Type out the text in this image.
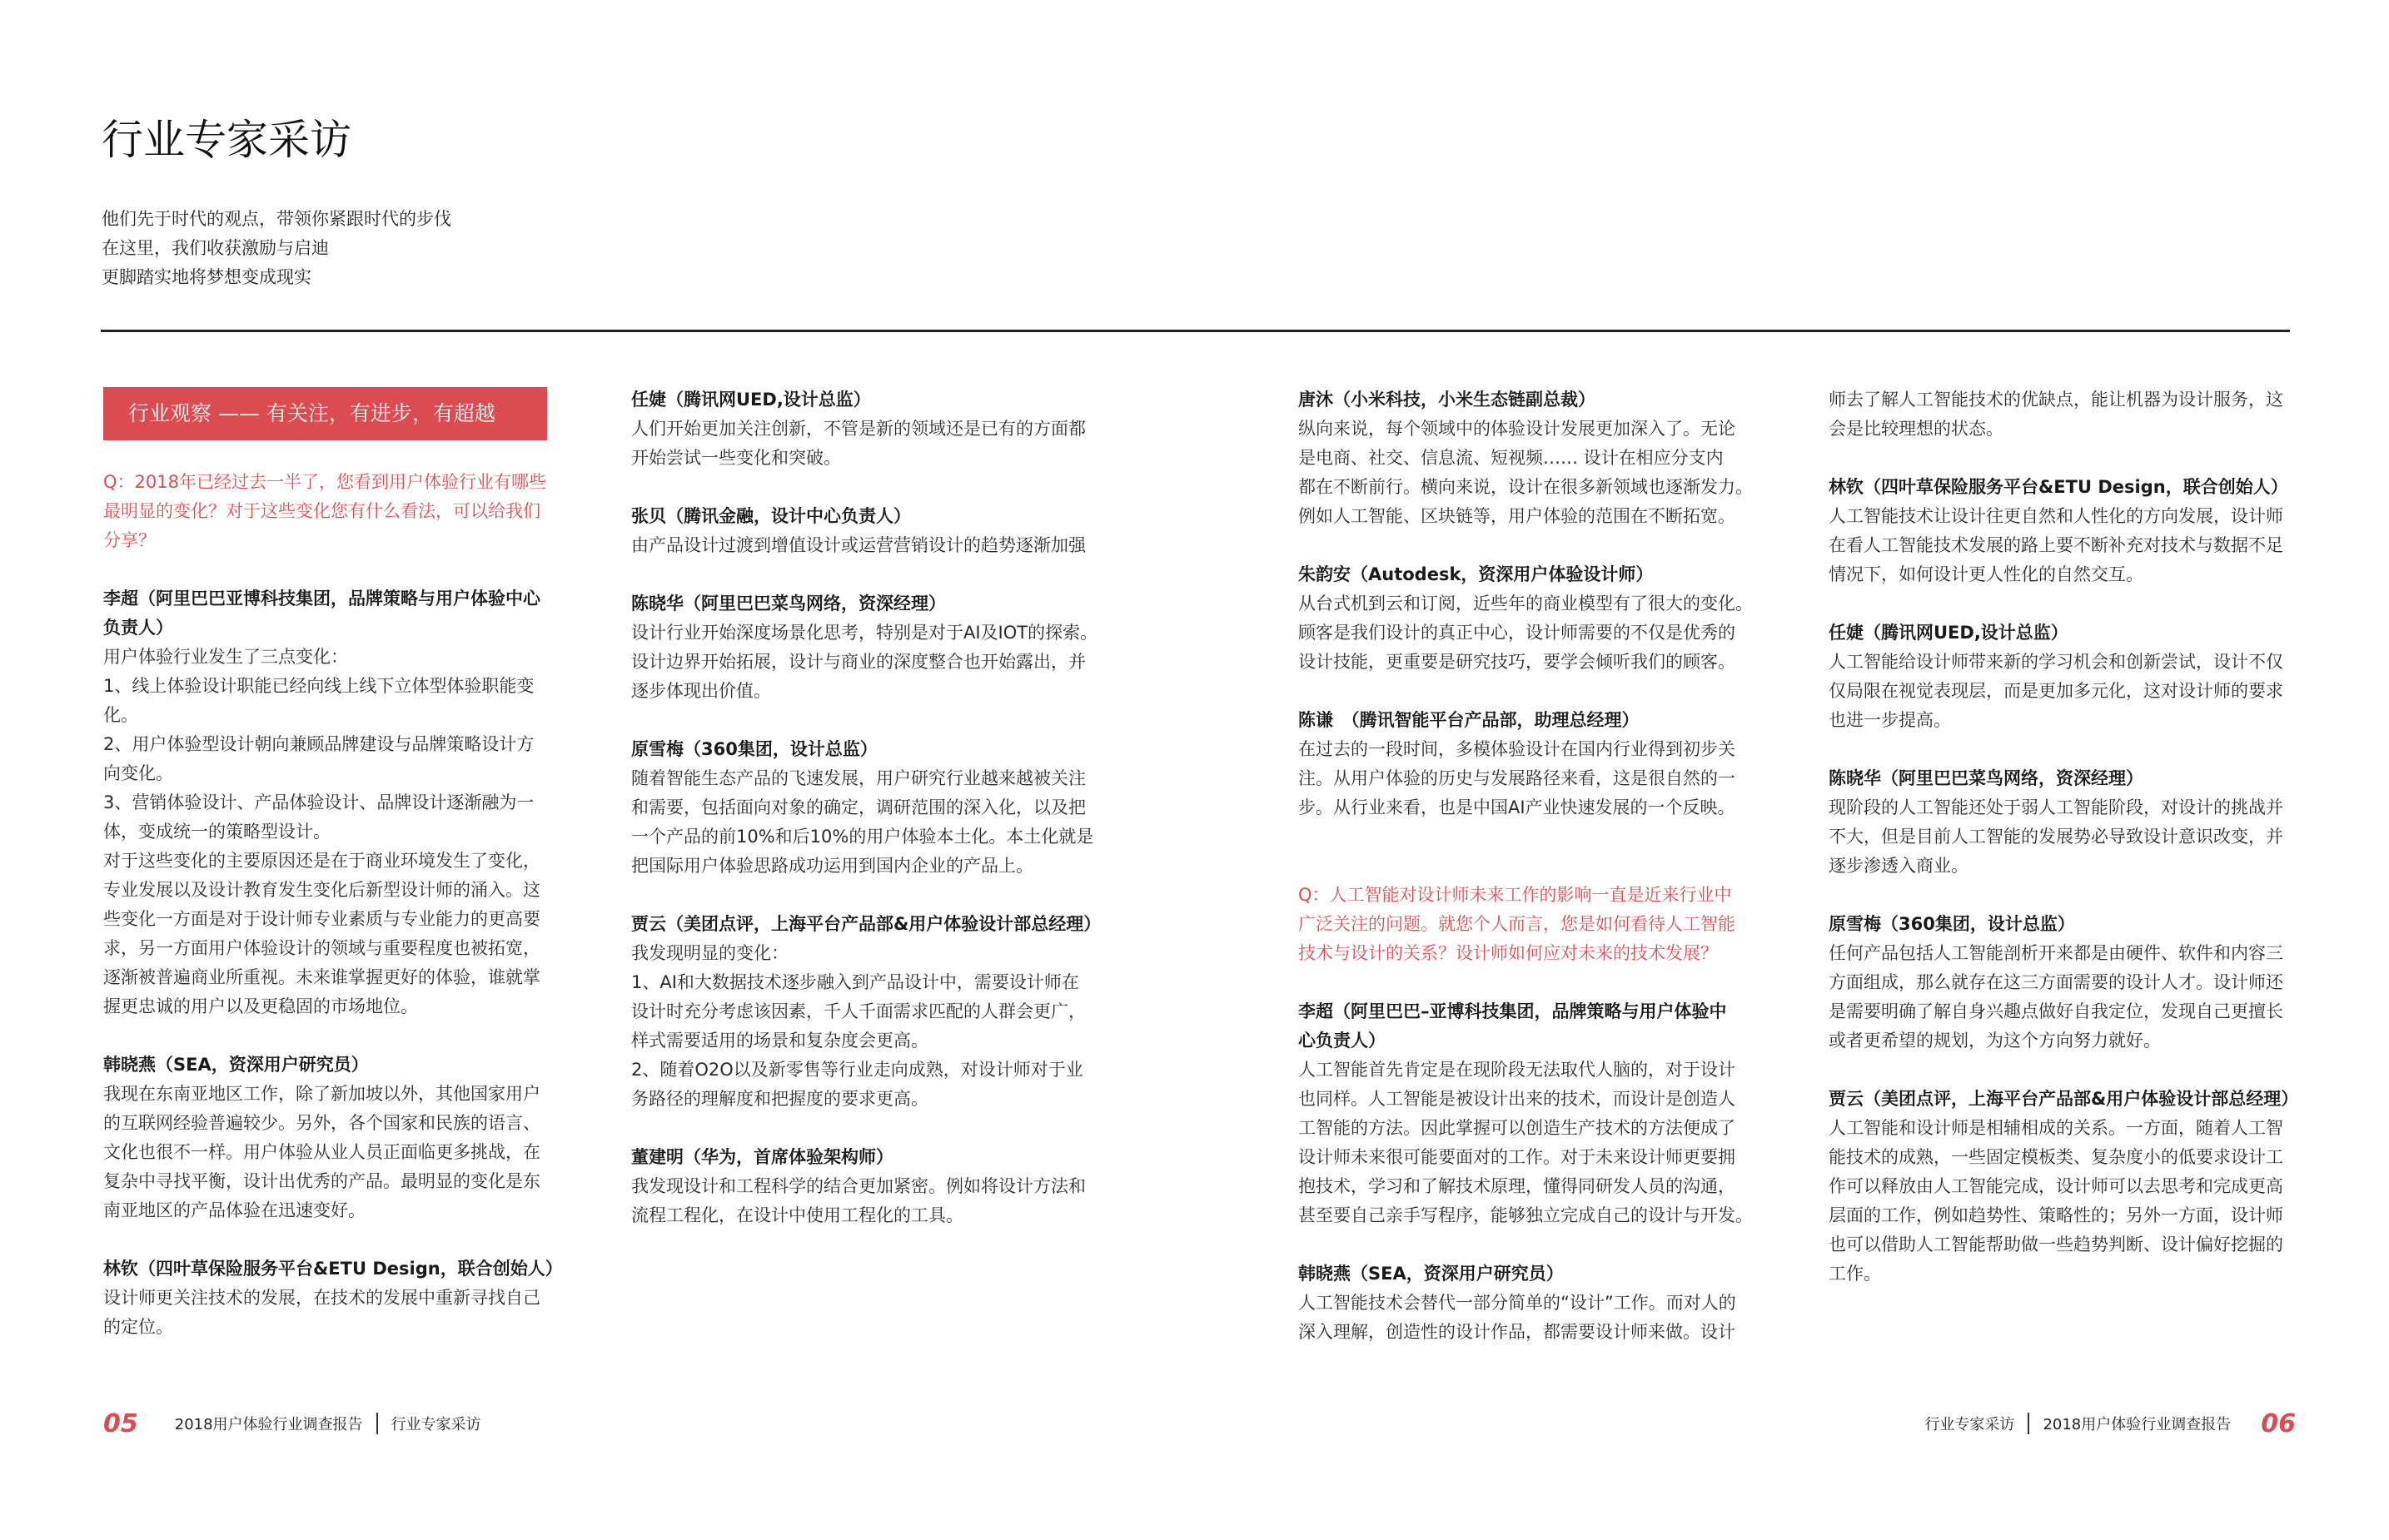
行业专家采访
他们先于时代的观点，带领你紧跟时代的步伐
在这里，我们收获激励与启迪
更脚踏实地将梦想变成现实
行业观察 —— 有关注，有进步，有超越
Q：2018年已经过去一半了，您看到用户体验行业有哪些
最明显的变化？对于这些变化您有什么看法，可以给我们
分享？
李超（阿里巴巴亚博科技集团，品牌策略与用户体验中心
负责人）
用户体验行业发生了三点变化：
1、线上体验设计职能已经向线上线下立体型体验职能变
化。
2、用户体验型设计朝向兼顾品牌建设与品牌策略设计方
向变化。
3、营销体验设计、产品体验设计、品牌设计逐渐融为一
体，变成统一的策略型设计。
对于这些变化的主要原因还是在于商业环境发生了变化，
专业发展以及设计教育发生变化后新型设计师的涌入。这
些变化一方面是对于设计师专业素质与专业能力的更高要
求，另一方面用户体验设计的领域与重要程度也被拓宽，
逐渐被普遍商业所重视。未来谁掌握更好的体验，谁就掌
握更忠诚的用户以及更稳固的市场地位。
韩晓燕（SEA，资深用户研究员）
我现在东南亚地区工作，除了新加坡以外，其他国家用户
的互联网经验普遍较少。另外，各个国家和民族的语言、
文化也很不一样。用户体验从业人员正面临更多挑战，在
复杂中寻找平衡，设计出优秀的产品。最明显的变化是东
南亚地区的产品体验在迅速变好。
林钦（四叶草保险服务平台&ETU Design，联合创始人）
设计师更关注技术的发展，在技术的发展中重新寻找自己
的定位。
任婕（腾讯网UED,设计总监）
人们开始更加关注创新，不管是新的领域还是已有的方面都
开始尝试一些变化和突破。
张贝（腾讯金融，设计中心负责人）
由产品设计过渡到增值设计或运营营销设计的趋势逐渐加强
陈晓华（阿里巴巴菜鸟网络，资深经理）
设计行业开始深度场景化思考，特别是对于AI及IOT的探索。
设计边界开始拓展，设计与商业的深度整合也开始露出，并
逐步体现出价值。
原雪梅（360集团，设计总监）
随着智能生态产品的飞速发展，用户研究行业越来越被关注
和需要，包括面向对象的确定，调研范围的深入化，以及把
一个产品的前10%和后10%的用户体验本土化。本土化就是
把国际用户体验思路成功运用到国内企业的产品上。
贾云（美团点评，上海平台产品部&用户体验设计部总经理）
我发现明显的变化：
1、AI和大数据技术逐步融入到产品设计中，需要设计师在
设计时充分考虑该因素，千人千面需求匹配的人群会更广，
样式需要适用的场景和复杂度会更高。
2、随着O2O以及新零售等行业走向成熟，对设计师对于业
务路径的理解度和把握度的要求更高。
董建明（华为，首席体验架构师）
我发现设计和工程科学的结合更加紧密。例如将设计方法和
流程工程化，在设计中使用工程化的工具。
唐沐（小米科技，小米生态链副总裁）
纵向来说，每个领域中的体验设计发展更加深入了。无论
是电商、社交、信息流、短视频…… 设计在相应分支内
都在不断前行。横向来说，设计在很多新领域也逐渐发力。
例如人工智能、区块链等，用户体验的范围在不断拓宽。
朱韵安（Autodesk，资深用户体验设计师）
从台式机到云和订阅，近些年的商业模型有了很大的变化。
顾客是我们设计的真正中心，设计师需要的不仅是优秀的
设计技能，更重要是研究技巧，要学会倾听我们的顾客。
陈谦　（腾讯智能平台产品部，助理总经理）
在过去的一段时间，多模体验设计在国内行业得到初步关
注。从用户体验的历史与发展路径来看，这是很自然的一
步。从行业来看，也是中国AI产业快速发展的一个反映。
Q：人工智能对设计师未来工作的影响一直是近来行业中
广泛关注的问题。就您个人而言，您是如何看待人工智能
技术与设计的关系？设计师如何应对未来的技术发展？
李超（阿里巴巴–亚博科技集团，品牌策略与用户体验中
心负责人）
人工智能首先肯定是在现阶段无法取代人脑的，对于设计
也同样。人工智能是被设计出来的技术，而设计是创造人
工智能的方法。因此掌握可以创造生产技术的方法便成了
设计师未来很可能要面对的工作。对于未来设计师更要拥
抱技术，学习和了解技术原理，懂得同研发人员的沟通，
甚至要自己亲手写程序，能够独立完成自己的设计与开发。
韩晓燕（SEA，资深用户研究员）
人工智能技术会替代一部分简单的“设计”工作。而对人的
深入理解，创造性的设计作品，都需要设计师来做。设计
师去了解人工智能技术的优缺点，能让机器为设计服务，这
会是比较理想的状态。
林钦（四叶草保险服务平台&ETU Design，联合创始人）
人工智能技术让设计往更自然和人性化的方向发展，设计师
在看人工智能技术发展的路上要不断补充对技术与数据不足
情况下，如何设计更人性化的自然交互。
任婕（腾讯网UED,设计总监）
人工智能给设计师带来新的学习机会和创新尝试，设计不仅
仅局限在视觉表现层，而是更加多元化，这对设计师的要求
也进一步提高。
陈晓华（阿里巴巴菜鸟网络，资深经理）
现阶段的人工智能还处于弱人工智能阶段，对设计的挑战并
不大，但是目前人工智能的发展势必导致设计意识改变，并
逐步渗透入商业。
原雪梅（360集团，设计总监）
任何产品包括人工智能剖析开来都是由硬件、软件和内容三
方面组成，那么就存在这三方面需要的设计人才。设计师还
是需要明确了解自身兴趣点做好自我定位，发现自己更擅长
或者更希望的规划，为这个方向努力就好。
贾云（美团点评，上海平台产品部&用户体验设计部总经理）
人工智能和设计师是相辅相成的关系。一方面，随着人工智
能技术的成熟，一些固定模板类、复杂度小的低要求设计工
作可以释放由人工智能完成，设计师可以去思考和完成更高
层面的工作，例如趋势性、策略性的；另外一方面，设计师
也可以借助人工智能帮助做一些趋势判断、设计偏好挖掘的
工作。
05 2018用户体验行业调查报告 行业专家采访	行业专家采访 2018用户体验行业调查报告 06
